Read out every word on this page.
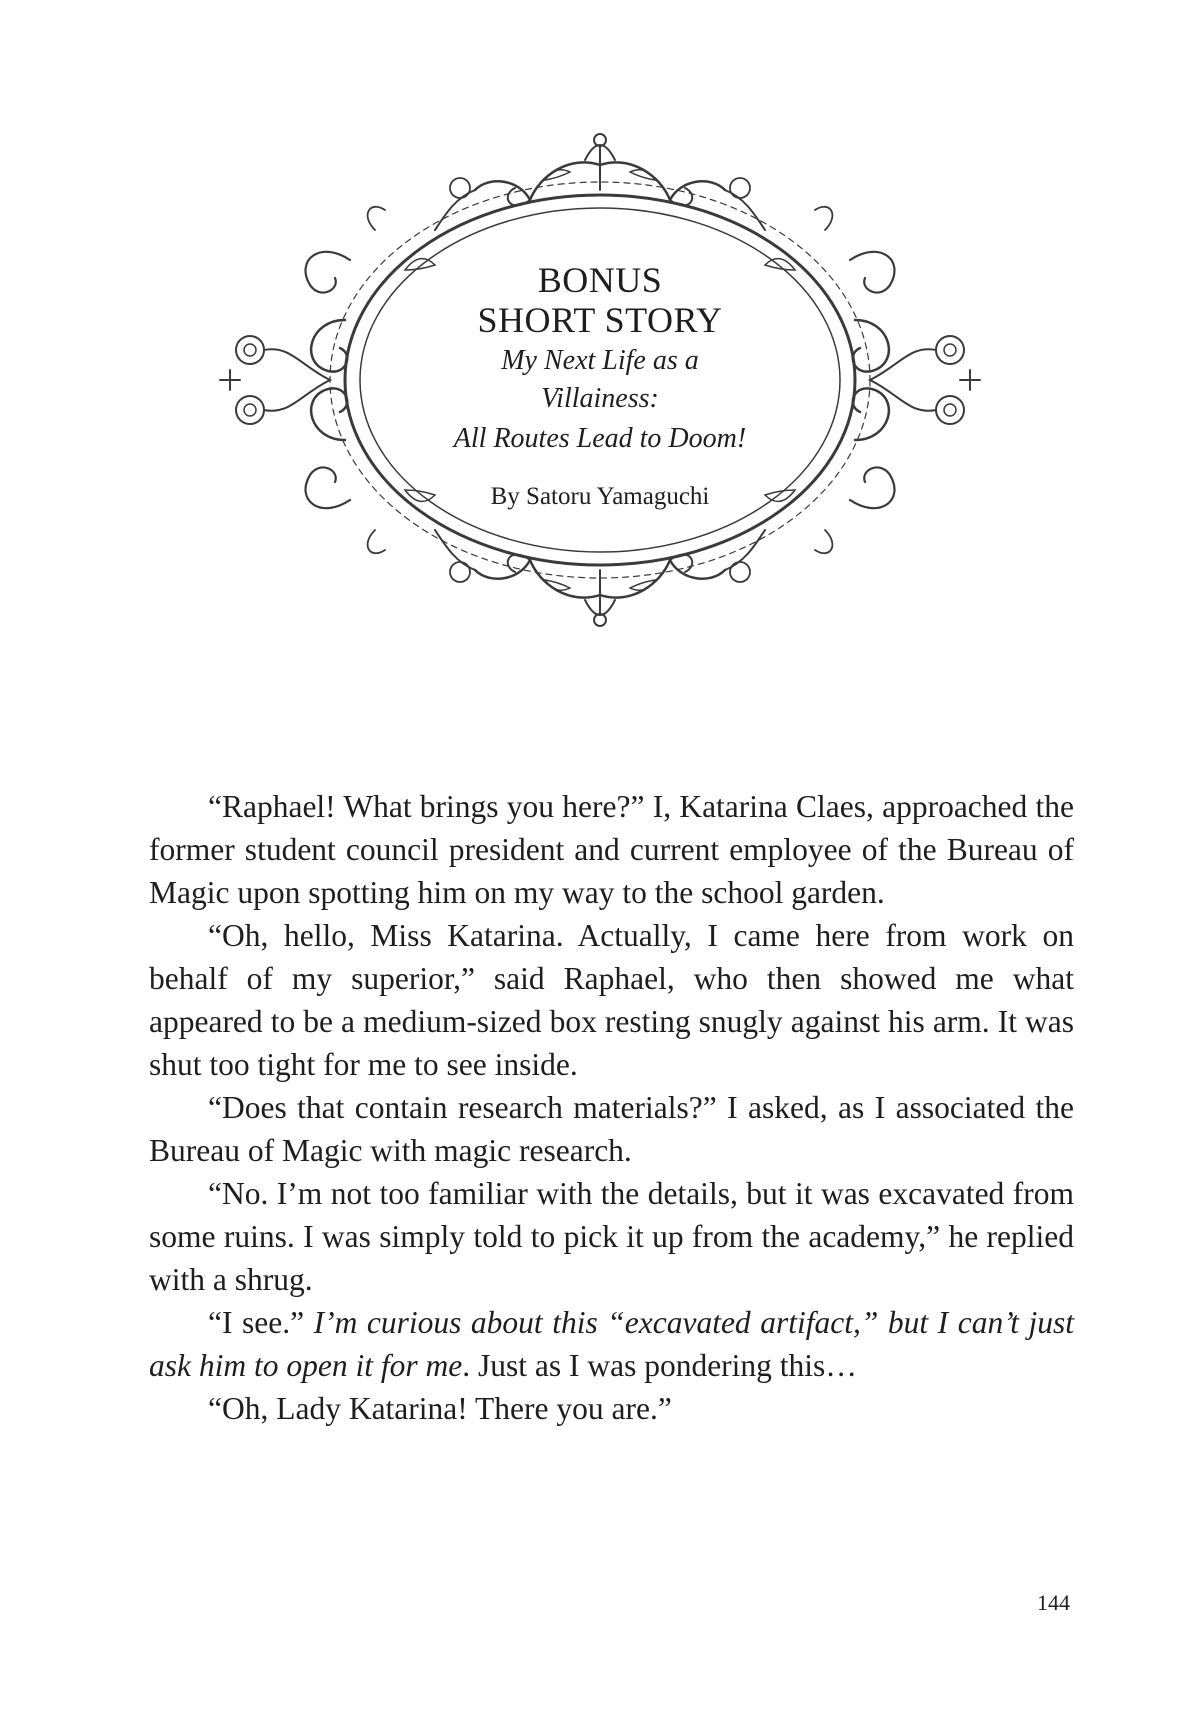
BONUS
SHORT STORY
My Next Life as a Villainess:
All Routes Lead to Doom!
By Satoru Yamaguchi

“Raphael! What brings you here?” I, Katarina Claes, approached the former student council president and current employee of the Bureau of Magic upon spotting him on my way to the school garden.

“Oh, hello, Miss Katarina. Actually, I came here from work on behalf of my superior,” said Raphael, who then showed me what appeared to be a medium-sized box resting snugly against his arm. It was shut too tight for me to see inside.

“Does that contain research materials?” I asked, as I associated the Bureau of Magic with magic research.

“No. I’m not too familiar with the details, but it was excavated from some ruins. I was simply told to pick it up from the academy,” he replied with a shrug.

“I see.” I’m curious about this “excavated artifact,” but I can’t just ask him to open it for me. Just as I was pondering this…

“Oh, Lady Katarina! There you are.”

144
